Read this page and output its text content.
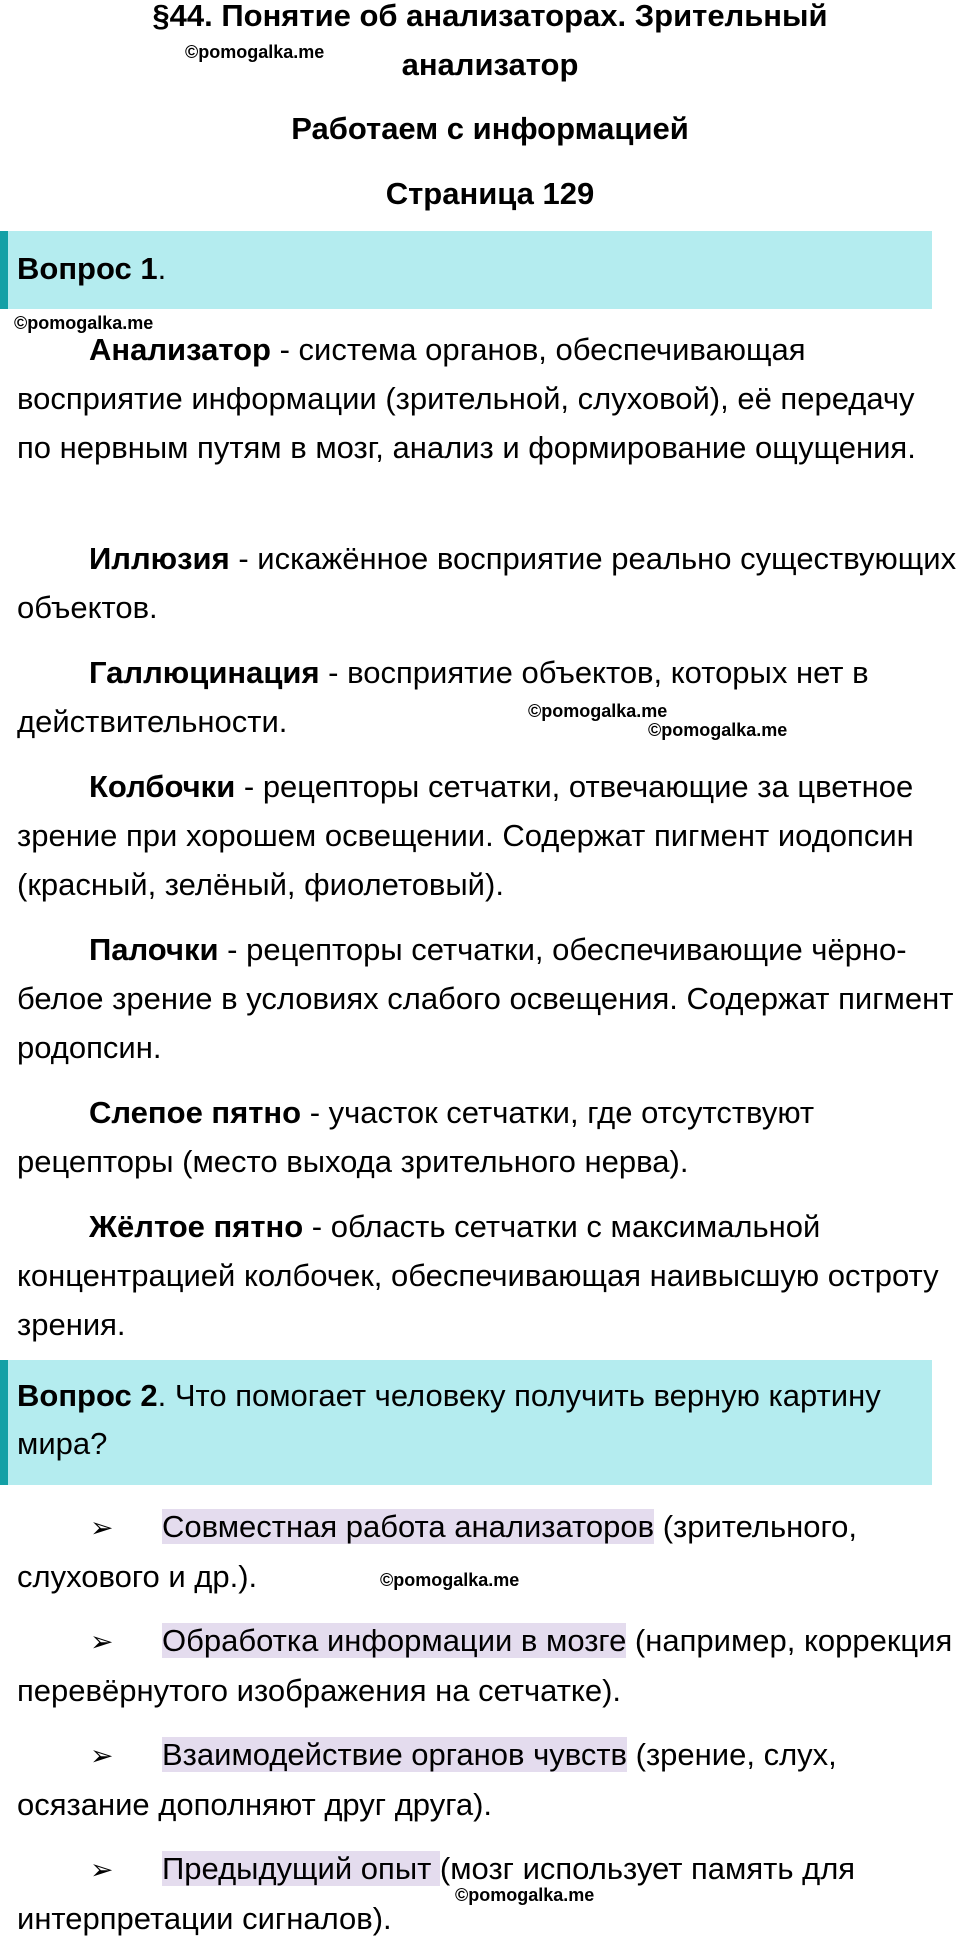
§44. Понятие об анализаторах. Зрительный
анализатор
Работаем с информацией
Страница 129
©pomogalka.me
©pomogalka.me
©pomogalka.me
©pomogalka.me
©pomogalka.me
©pomogalka.me
Вопрос 1.
Анализатор - система органов, обеспечивающая восприятие информации (зрительной, слуховой), её передачу по нервным путям в мозг, анализ и формирование ощущения.
Иллюзия - искажённое восприятие реально существующих объектов.
Галлюцинация - восприятие объектов, которых нет в действительности.
Колбочки - рецепторы сетчатки, отвечающие за цветное зрение при хорошем освещении. Содержат пигмент иодопсин (красный, зелёный, фиолетовый).
Палочки - рецепторы сетчатки, обеспечивающие чёрно-белое зрение в условиях слабого освещения. Содержат пигмент родопсин.
Слепое пятно - участок сетчатки, где отсутствуют рецепторы (место выхода зрительного нерва).
Жёлтое пятно - область сетчатки с максимальной концентрацией колбочек, обеспечивающая наивысшую остроту зрения.
Вопрос 2. Что помогает человеку получить верную картину мира?
➢ Совместная работа анализаторов (зрительного, слухового и др.).
➢ Обработка информации в мозге (например, коррекция перевёрнутого изображения на сетчатке).
➢ Взаимодействие органов чувств (зрение, слух, осязание дополняют друг друга).
➢ Предыдущий опыт (мозг использует память для интерпретации сигналов).
